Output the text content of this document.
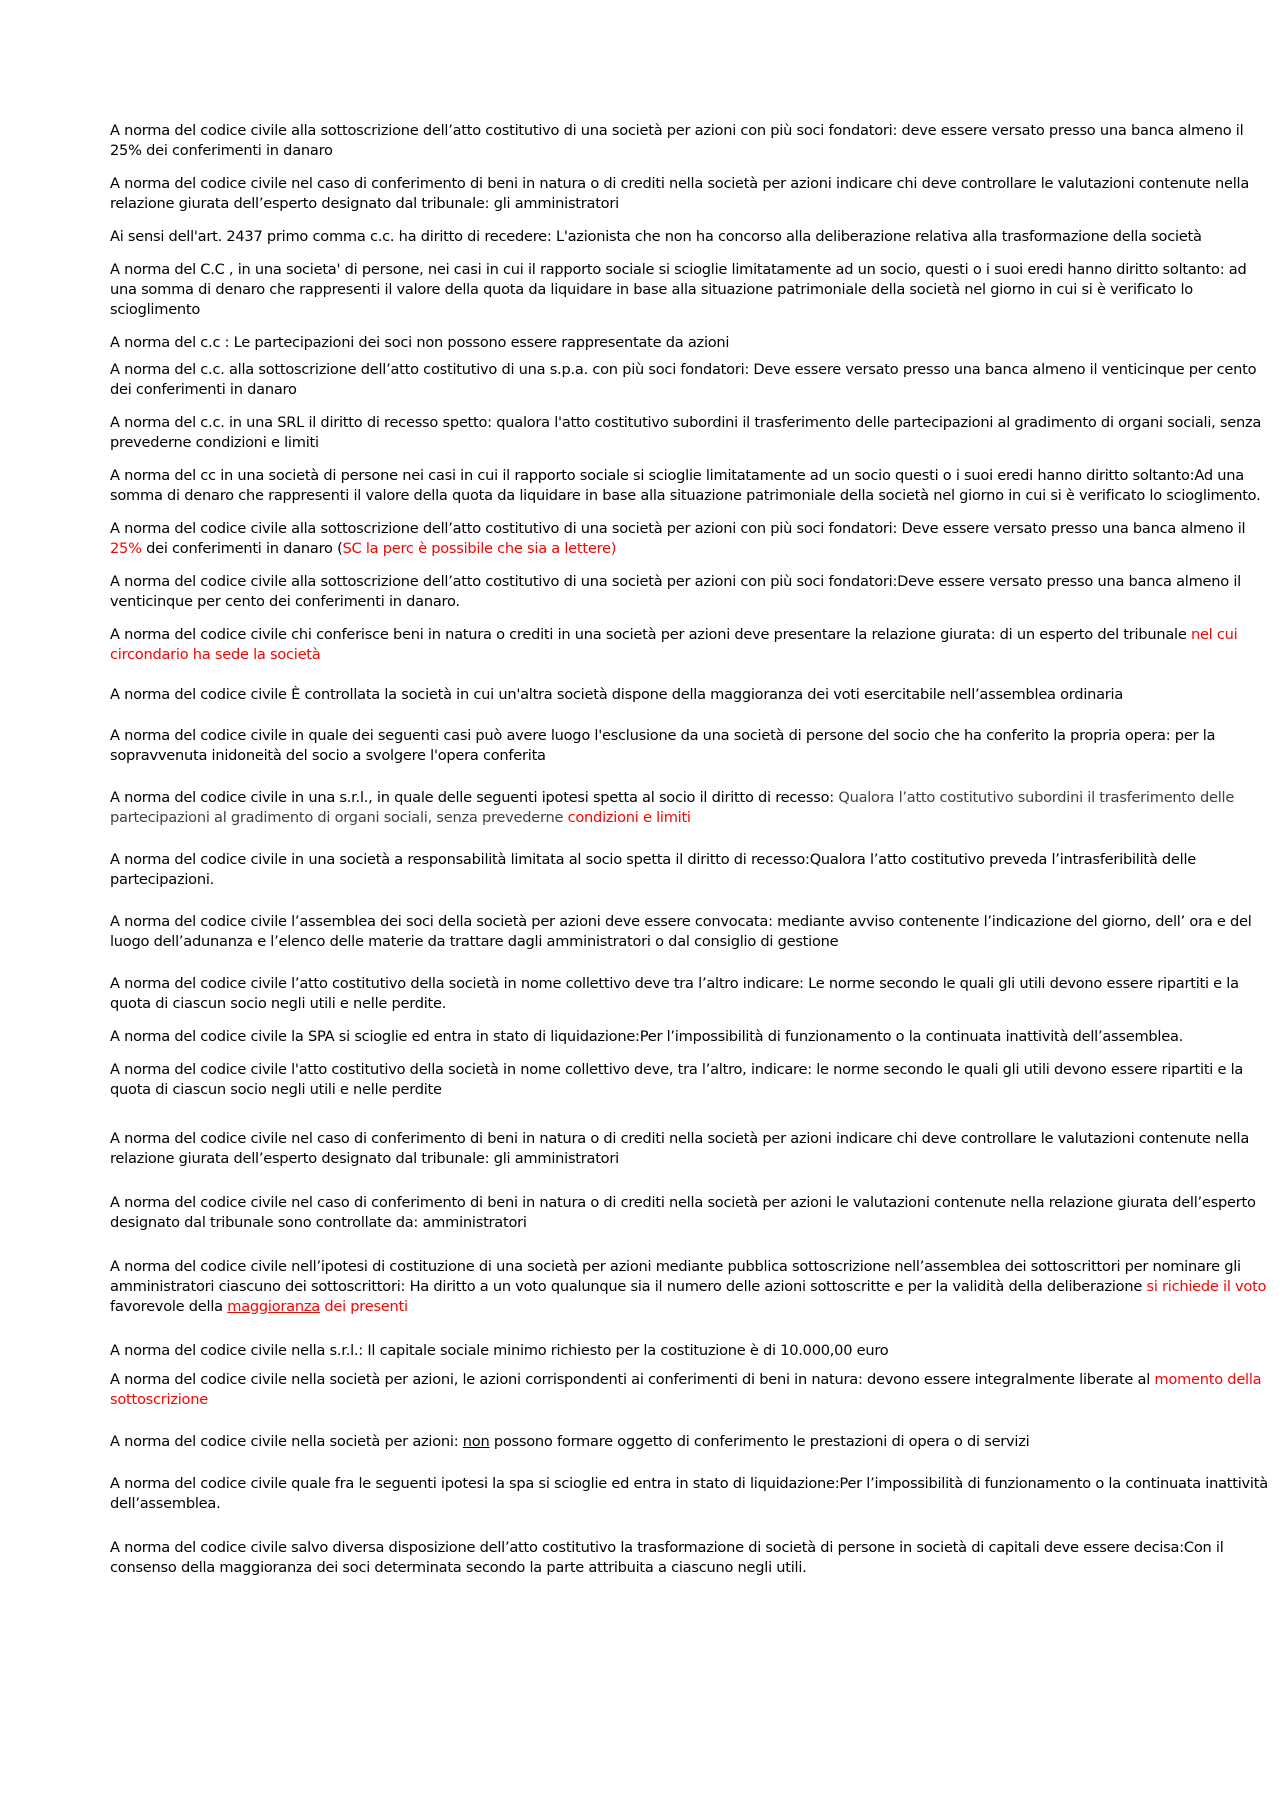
A norma del codice civile alla sottoscrizione dell’atto costitutivo di una società per azioni con più soci fondatori: deve essere versato presso una banca almeno il 25% dei conferimenti in danaro

A norma del codice civile nel caso di conferimento di beni in natura o di crediti nella società per azioni indicare chi deve controllare le valutazioni contenute nella relazione giurata dell’esperto designato dal tribunale: gli amministratori

Ai sensi dell'art. 2437 primo comma c.c. ha diritto di recedere: L'azionista che non ha concorso alla deliberazione relativa alla trasformazione della società

A norma del C.C , in una societa' di persone, nei casi in cui il rapporto sociale si scioglie limitatamente ad un socio, questi o i suoi eredi hanno diritto soltanto: ad una somma di denaro che rappresenti il valore della quota da liquidare in base alla situazione patrimoniale della società nel giorno in cui si è verificato lo scioglimento

A norma del c.c : Le partecipazioni dei soci non possono essere rappresentate da azioni

A norma del c.c. alla sottoscrizione dell’atto costitutivo di una s.p.a. con più soci fondatori: Deve essere versato presso una banca almeno il venticinque per cento dei conferimenti in danaro

A norma del c.c. in una SRL il diritto di recesso spetto: qualora l'atto costitutivo subordini il trasferimento delle partecipazioni al gradimento di organi sociali, senza prevederne condizioni e limiti

A norma del cc in una società di persone nei casi in cui il rapporto sociale si scioglie limitatamente ad un socio questi o i suoi eredi hanno diritto soltanto:Ad una somma di denaro che rappresenti il valore della quota da liquidare in base alla situazione patrimoniale della società nel giorno in cui si è verificato lo scioglimento.

A norma del codice civile alla sottoscrizione dell’atto costitutivo di una società per azioni con più soci fondatori: Deve essere versato presso una banca almeno il 25% dei conferimenti in danaro (SC la perc è possibile che sia a lettere)

A norma del codice civile alla sottoscrizione dell’atto costitutivo di una società per azioni con più soci fondatori:Deve essere versato presso una banca almeno il venticinque per cento dei conferimenti in danaro.

A norma del codice civile chi conferisce beni in natura o crediti in una società per azioni deve presentare la relazione giurata: di un esperto del tribunale nel cui circondario ha sede la società

A norma del codice civile È controllata la società in cui un'altra società dispone della maggioranza dei voti esercitabile nell’assemblea ordinaria

A norma del codice civile in quale dei seguenti casi può avere luogo l'esclusione da una società di persone del socio che ha conferito la propria opera: per la sopravvenuta inidoneità del socio a svolgere l'opera conferita

A norma del codice civile in una s.r.l., in quale delle seguenti ipotesi spetta al socio il diritto di recesso: Qualora l’atto costitutivo subordini il trasferimento delle partecipazioni al gradimento di organi sociali, senza prevederne condizioni e limiti

A norma del codice civile in una società a responsabilità limitata al socio spetta il diritto di recesso:Qualora l’atto costitutivo preveda l’intrasferibilità delle partecipazioni.

A norma del codice civile l’assemblea dei soci della società per azioni deve essere convocata: mediante avviso contenente l’indicazione del giorno, dell’ ora e del luogo dell’adunanza e l’elenco delle materie da trattare dagli amministratori o dal consiglio di gestione

A norma del codice civile l’atto costitutivo della società in nome collettivo deve tra l’altro indicare: Le norme secondo le quali gli utili devono essere ripartiti e la quota di ciascun socio negli utili e nelle perdite.

A norma del codice civile la SPA si scioglie ed entra in stato di liquidazione:Per l’impossibilità di funzionamento o la continuata inattività dell’assemblea.

A norma del codice civile l'atto costitutivo della società in nome collettivo deve, tra l’altro, indicare: le norme secondo le quali gli utili devono essere ripartiti e la quota di ciascun socio negli utili e nelle perdite

A norma del codice civile nel caso di conferimento di beni in natura o di crediti nella società per azioni indicare chi deve controllare le valutazioni contenute nella relazione giurata dell’esperto designato dal tribunale: gli amministratori

A norma del codice civile nel caso di conferimento di beni in natura o di crediti nella società per azioni le valutazioni contenute nella relazione giurata dell’esperto designato dal tribunale sono controllate da: amministratori

A norma del codice civile nell’ipotesi di costituzione di una società per azioni mediante pubblica sottoscrizione nell’assemblea dei sottoscrittori per nominare gli amministratori ciascuno dei sottoscrittori: Ha diritto a un voto qualunque sia il numero delle azioni sottoscritte e per la validità della deliberazione si richiede il voto favorevole della maggioranza dei presenti

A norma del codice civile nella s.r.l.: Il capitale sociale minimo richiesto per la costituzione è di 10.000,00 euro

A norma del codice civile nella società per azioni, le azioni corrispondenti ai conferimenti di beni in natura: devono essere integralmente liberate al momento della sottoscrizione

A norma del codice civile nella società per azioni: non possono formare oggetto di conferimento le prestazioni di opera o di servizi

A norma del codice civile quale fra le seguenti ipotesi la spa si scioglie ed entra in stato di liquidazione:Per l’impossibilità di funzionamento o la continuata inattività dell’assemblea.

A norma del codice civile salvo diversa disposizione dell’atto costitutivo la trasformazione di società di persone in società di capitali deve essere decisa:Con il consenso della maggioranza dei soci determinata secondo la parte attribuita a ciascuno negli utili.
